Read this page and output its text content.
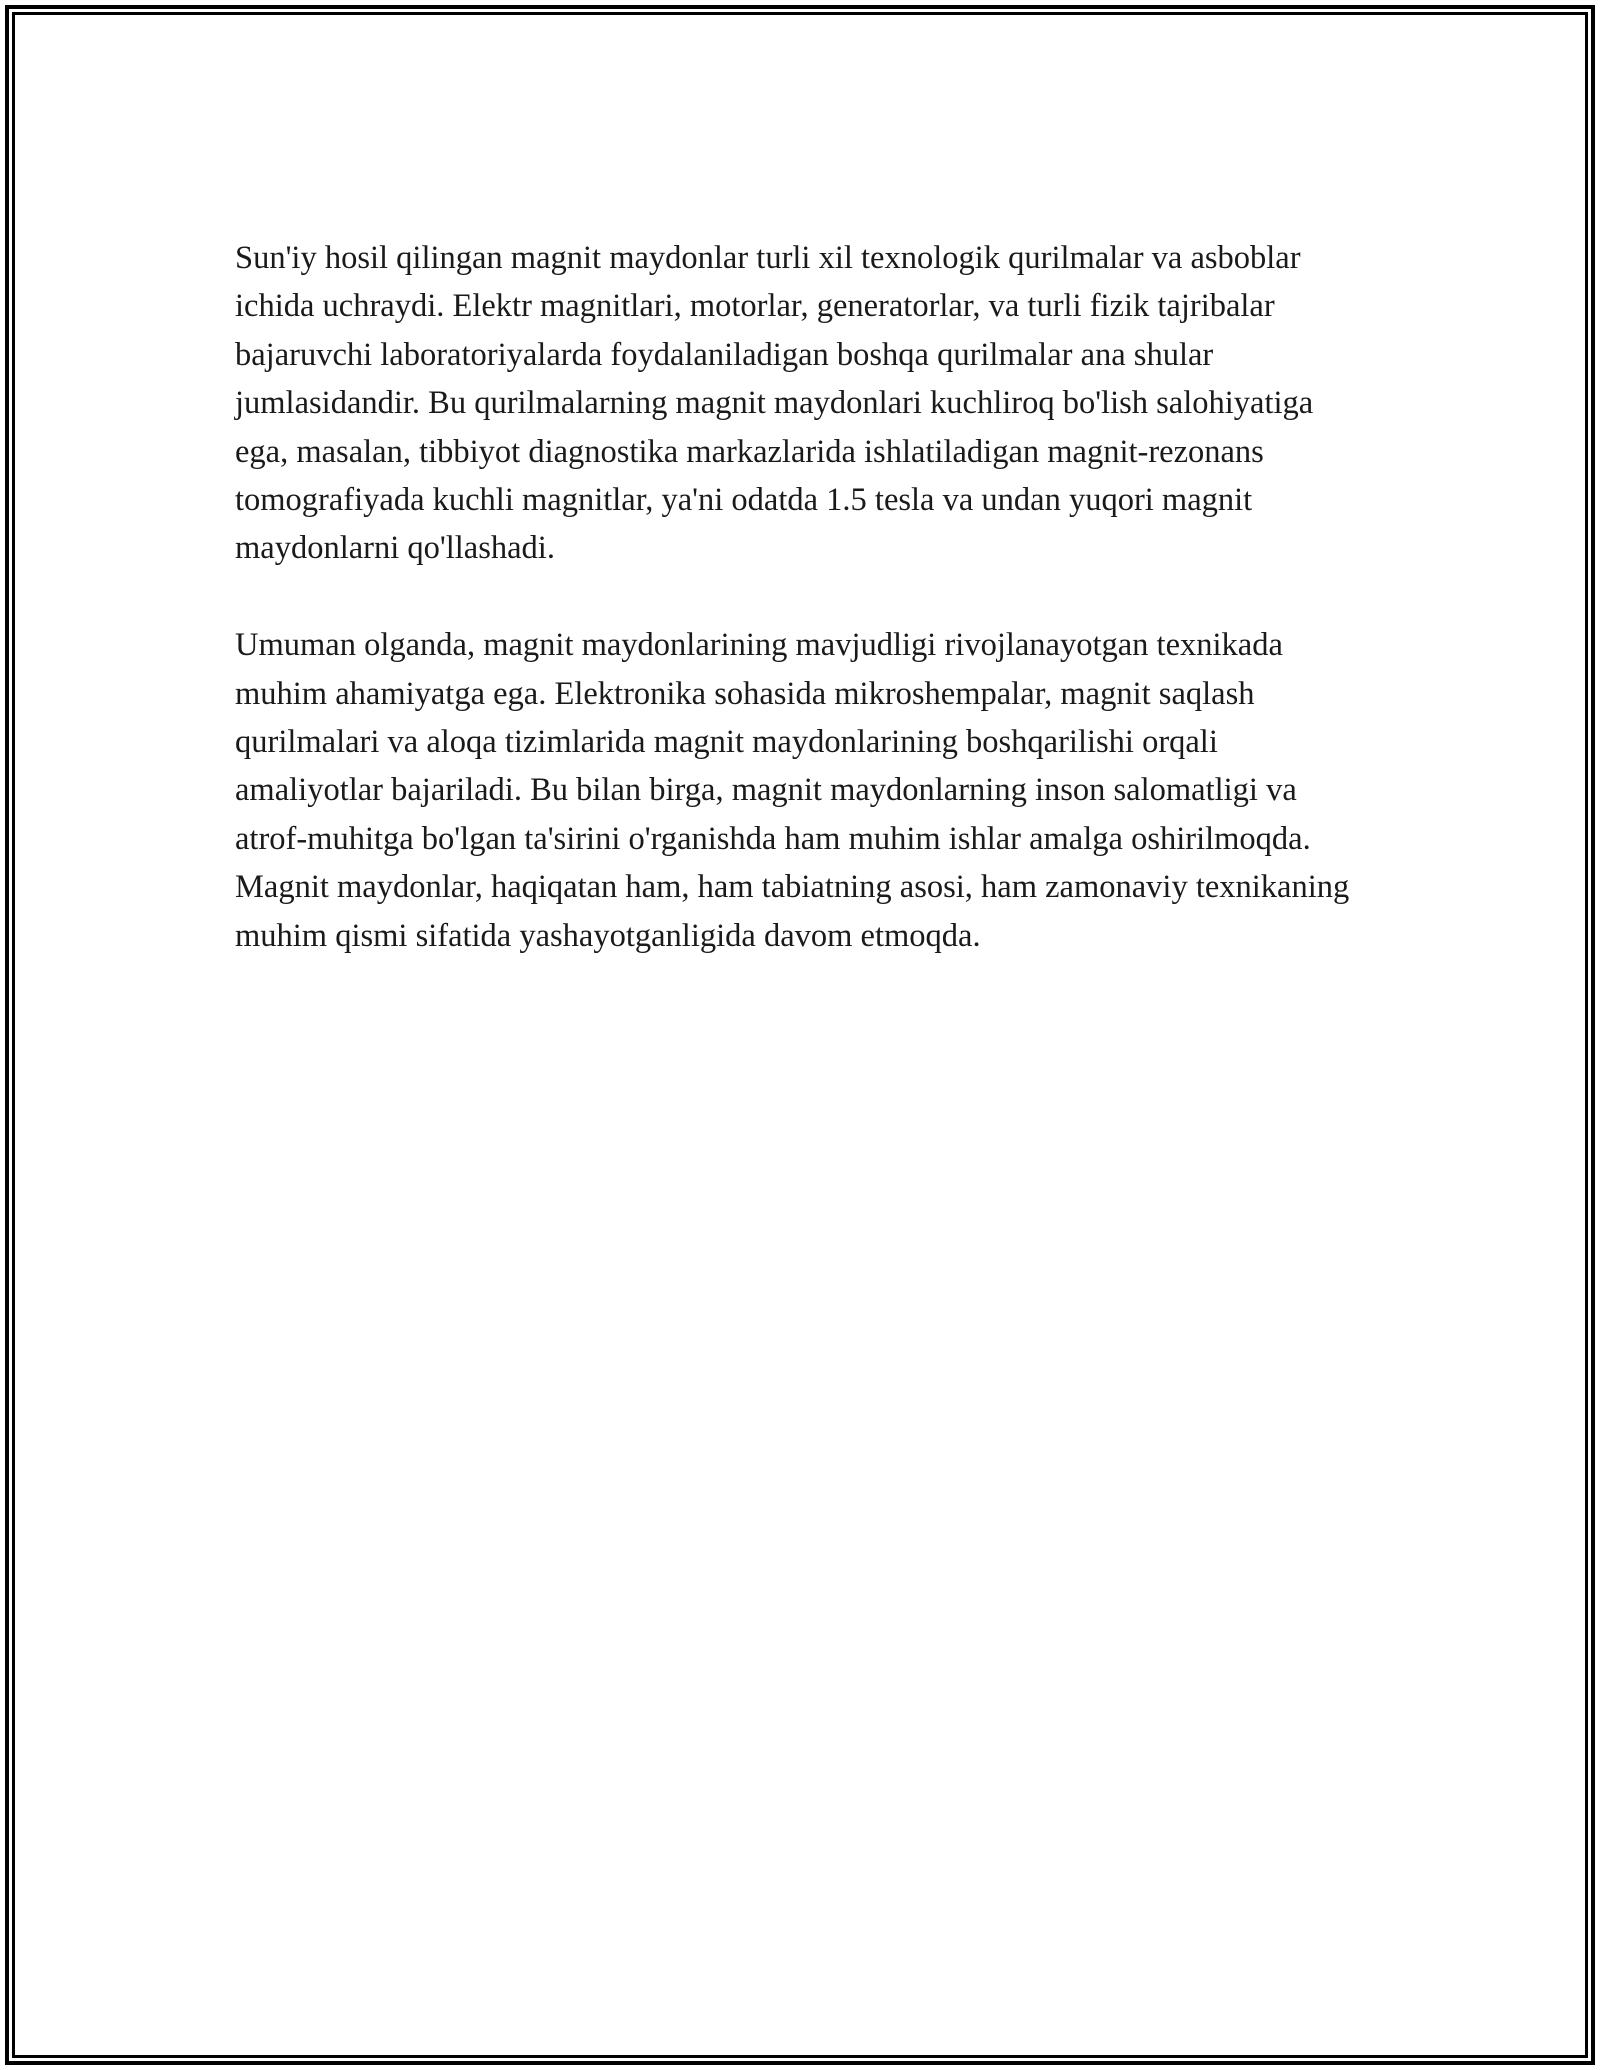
Sun'iy hosil qilingan magnit maydonlar turli xil texnologik qurilmalar va asboblar ichida uchraydi. Elektr magnitlari, motorlar, generatorlar, va turli fizik tajribalar bajaruvchi laboratoriyalarda foydalaniladigan boshqa qurilmalar ana shular jumlasidandir. Bu qurilmalarning magnit maydonlari kuchliroq bo'lish salohiyatiga ega, masalan, tibbiyot diagnostika markazlarida ishlatiladigan magnit-rezonans tomografiyada kuchli magnitlar, ya'ni odatda 1.5 tesla va undan yuqori magnit maydonlarni qo'llashadi.

Umuman olganda, magnit maydonlarining mavjudligi rivojlanayotgan texnikada muhim ahamiyatga ega. Elektronika sohasida mikroshempalar, magnit saqlash qurilmalari va aloqa tizimlarida magnit maydonlarining boshqarilishi orqali amaliyotlar bajariladi. Bu bilan birga, magnit maydonlarning inson salomatligi va atrof-muhitga bo'lgan ta'sirini o'rganishda ham muhim ishlar amalga oshirilmoqda. Magnit maydonlar, haqiqatan ham, ham tabiatning asosi, ham zamonaviy texnikaning muhim qismi sifatida yashayotganligida davom etmoqda.
